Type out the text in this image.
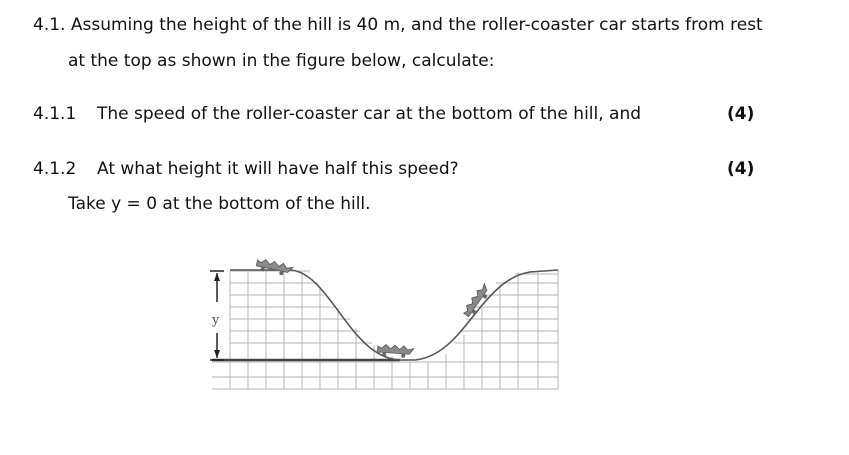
4.1. Assuming the height of the hill is 40 m, and the roller-coaster car starts from rest
at the top as shown in the figure below, calculate:
4.1.1 The speed of the roller-coaster car at the bottom of the hill, and	(4)
4.1.2 At what height it will have half this speed?	(4)
Take y = 0 at the bottom of the hill.
y
